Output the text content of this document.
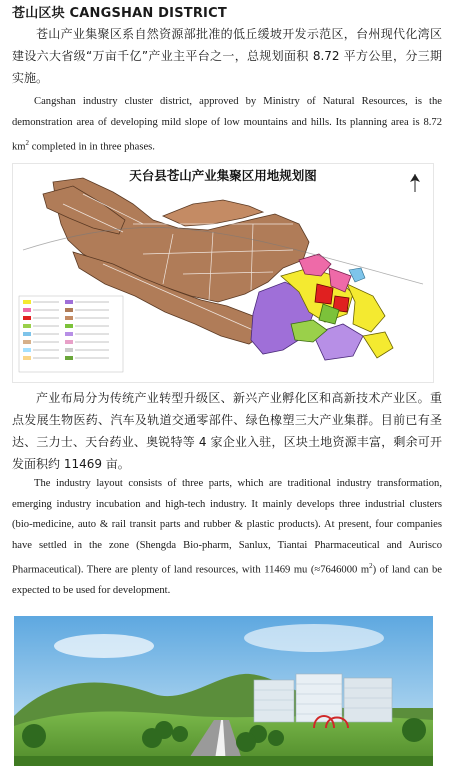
苍山区块 CANGSHAN DISTRICT

苍山产业集聚区系自然资源部批准的低丘缓坡开发示范区，台州现代化湾区建设六大省级“万亩千亿”产业主平台之一，总规划面积 8.72 平方公里，分三期实施。

Cangshan industry cluster district, approved by Ministry of Natural Resources, is the demonstration area of developing mild slope of low mountains and hills. Its planning area is 8.72 $km^2$ completed in in three phases.

天台县苍山产业集聚区用地规划图

产业布局分为传统产业转型升级区、新兴产业孵化区和高新技术产业区。重点发展生物医药、汽车及轨道交通零部件、绿色橡塑三大产业集群。目前已有圣达、三力士、天台药业、奥锐特等 4 家企业入驻，区块土地资源丰富，剩余可开发面积约 11469 亩。

The industry layout consists of three parts, which are traditional industry transformation, emerging industry incubation and high-tech industry. It mainly develops three industrial clusters (bio-medicine, auto & rail transit parts and rubber & plastic products). At present, four companies have settled in the zone (Shengda Bio-pharm, Sanlux, Tiantai Pharmaceutical and Aurisco Pharmaceutical). There are plenty of land resources, with 11469 mu (≈7646000 $m^2$) of land can be expected to be used for development.
